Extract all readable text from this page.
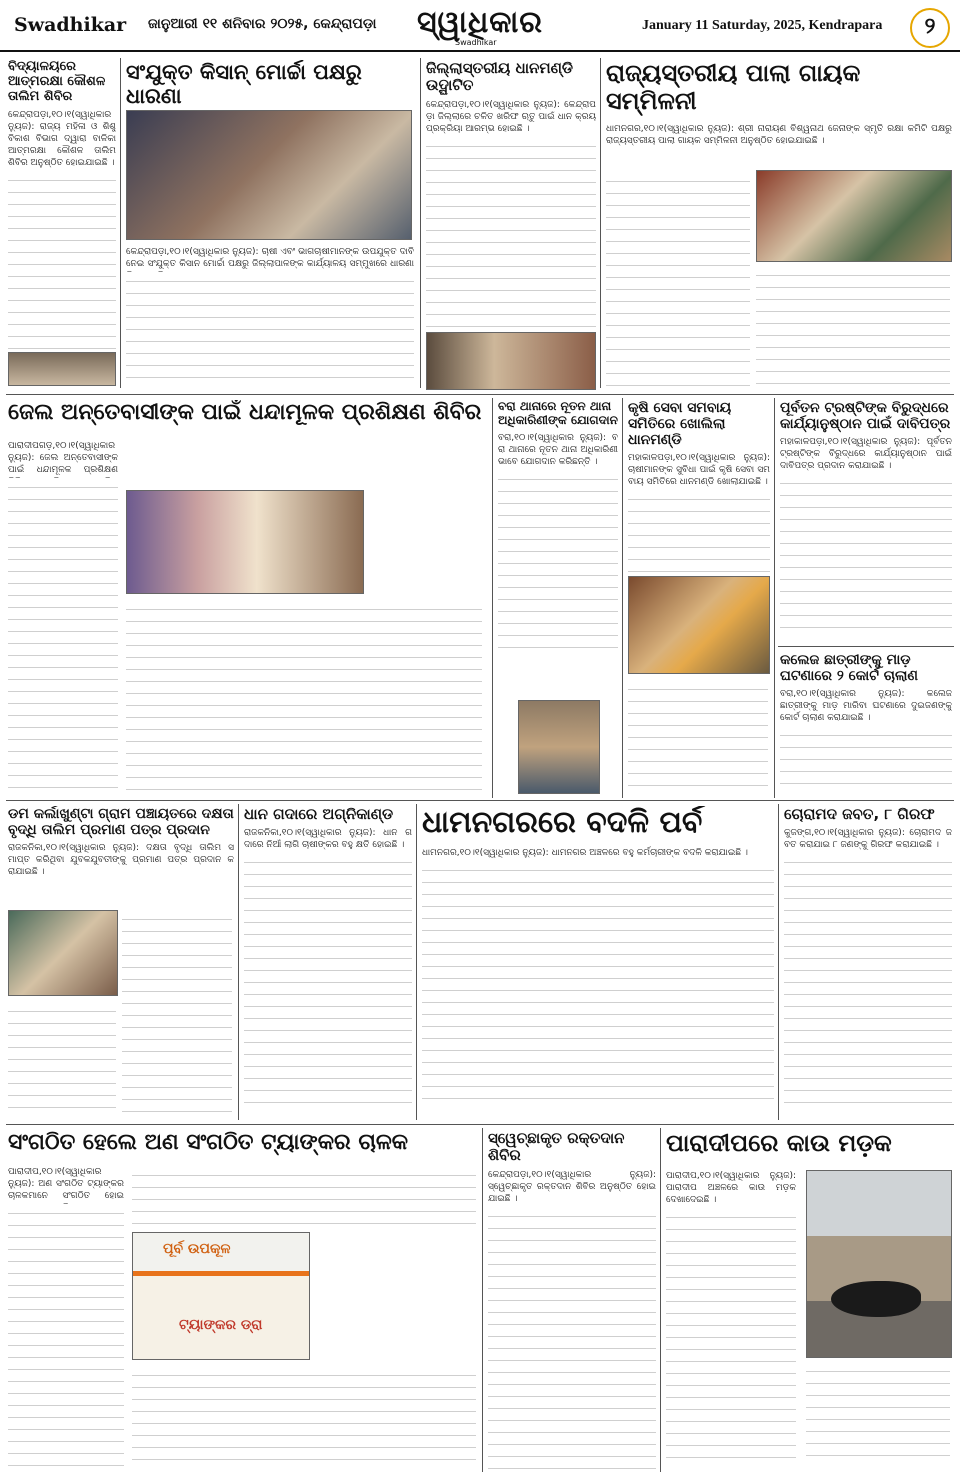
Swadhikar ଜାନୁଆରୀ ୧୧ ଶନିବାର ୨୦୨୫, କେନ୍ଦ୍ରାପଡ଼ା	ସ୍ୱାଧିକାର
Swadhikar
January 11 Saturday, 2025, Kendrapara	୨
ବିଦ୍ୟାଳୟରେ ଆତ୍ମରକ୍ଷା କୌଶଳ ତାଲିମ ଶିବିର
କେନ୍ଦ୍ରାପଡ଼ା,୧୦।୧(ସ୍ୱାଧିକାର ନ୍ୟୁଜ): ରାଜ୍ୟ ମହିଳା ଓ ଶିଶୁ ବିକାଶ ବିଭାଗ ଦ୍ୱାରା ବାଳିକା ଆତ୍ମରକ୍ଷା କୌଶଳ ତାଲିମ ଶିବିର ଅନୁଷ୍ଠିତ ହୋଇଯାଇଛି ।
ସଂଯୁକ୍ତ କିସାନ୍ ମୋର୍ଚ୍ଚା ପକ୍ଷରୁ ଧାରଣା
କେନ୍ଦ୍ରାପଡ଼ା,୧୦।୧(ସ୍ୱାଧିକାର ନ୍ୟୁଜ): ଚାଷୀ ଏବଂ ଭାଗଚାଷୀମାନଙ୍କ ଉପଯୁକ୍ତ ଦାବି ନେଇ ସଂଯୁକ୍ତ କିସାନ ମୋର୍ଚ୍ଚା ପକ୍ଷରୁ ଜିଲ୍ଲାପାଳଙ୍କ କାର୍ଯ୍ୟାଳୟ ସମ୍ମୁଖରେ ଧାରଣା
ଜିଲ୍ଲାସ୍ତରୀୟ ଧାନମଣ୍ଡି ଉଦ୍ଘାଟିତ
କେନ୍ଦ୍ରାପଡ଼ା,୧୦।୧(ସ୍ୱାଧିକାର ନ୍ୟୁଜ): କେନ୍ଦ୍ରାପଡ଼ା ଜିଲ୍ଲାରେ ଚଳିତ ଖରିଫ ଋତୁ ପାଇଁ ଧାନ କ୍ରୟ ପ୍ରକ୍ରିୟା ଆରମ୍ଭ ହୋଇଛି ।
ରାଜ୍ୟସ୍ତରୀୟ ପାଲା ଗାୟକ ସମ୍ମିଳନୀ
ଧାମନଗର,୧୦।୧(ସ୍ୱାଧିକାର ନ୍ୟୁଜ): ଶ୍ରୀ ନାରାୟଣ ବିଶ୍ୱନାଥ ଜେନାଙ୍କ ସ୍ମୃତି ରକ୍ଷା କମିଟି ପକ୍ଷରୁ ରାଜ୍ୟସ୍ତରୀୟ ପାଲା ଗାୟକ ସମ୍ମିଳନୀ ଅନୁଷ୍ଠିତ ହୋଇଯାଇଛି ।
ଜେଲ ଅନ୍ତେବାସୀଙ୍କ ପାଇଁ ଧନ୍ଦାମୂଳକ ପ୍ରଶିକ୍ଷଣ ଶିବିର
ପାରାଦୀପଗଡ଼,୧୦।୧(ସ୍ୱାଧିକାର ନ୍ୟୁଜ): ଜେଲ ଅନ୍ତେବାସୀଙ୍କ ପାଇଁ ଧନ୍ଦାମୂଳକ ପ୍ରଶିକ୍ଷଣ
ବରା ଥାନାରେ ନୂତନ ଥାନା ଅଧିକାରିଣୀଙ୍କ ଯୋଗଦାନ
ବରା,୧୦।୧(ସ୍ୱାଧିକାର ନ୍ୟୁଜ): ବରା ଥାନାରେ ନୂତନ ଥାନା ଅଧିକାରିଣୀ ଭାବେ ଯୋଗଦାନ କରିଛନ୍ତି ।
କୃଷି ସେବା ସମବାୟ ସମିତିରେ ଖୋଲିଲା ଧାନମଣ୍ଡି
ମହାକାଳପଡ଼ା,୧୦।୧(ସ୍ୱାଧିକାର ନ୍ୟୁଜ): ଚାଷୀମାନଙ୍କ ସୁବିଧା ପାଇଁ କୃଷି ସେବା ସମବାୟ ସମିତିରେ ଧାନମଣ୍ଡି ଖୋଲାଯାଇଛି ।
ପୂର୍ବତନ ଟ୍ରଷ୍ଟିଙ୍କ ବିରୁଦ୍ଧରେ କାର୍ଯ୍ୟାନୁଷ୍ଠାନ ପାଇଁ ଦାବିପତ୍ର
ମହାକାଳପଡ଼ା,୧୦।୧(ସ୍ୱାଧିକାର ନ୍ୟୁଜ): ପୂର୍ବତନ ଟ୍ରଷ୍ଟିଙ୍କ ବିରୁଦ୍ଧରେ କାର୍ଯ୍ୟାନୁଷ୍ଠାନ ପାଇଁ ଦାବିପତ୍ର ପ୍ରଦାନ କରାଯାଇଛି ।
କଲେଜ ଛାତ୍ରୀଙ୍କୁ ମାଡ଼ ଘଟଣାରେ ୨ କୋର୍ଟ ଚାଲାଣ
ବରା,୧୦।୧(ସ୍ୱାଧିକାର ନ୍ୟୁଜ): କଲେଜ ଛାତ୍ରୀଙ୍କୁ ମାଡ଼ ମାରିବା ଘଟଣାରେ ଦୁଇଜଣଙ୍କୁ କୋର୍ଟ ଚାଲାଣ କରାଯାଇଛି ।
ଡମ କର୍ଲାଖୁଣ୍ଟା ଗ୍ରାମ ପଞ୍ଚାୟତରେ ଦକ୍ଷତା ବୃଦ୍ଧି ତାଲିମ ପ୍ରମାଣ ପତ୍ର ପ୍ରଦାନ
ରାଜକନିକା,୧୦।୧(ସ୍ୱାଧିକାର ନ୍ୟୁଜ): ଦକ୍ଷତା ବୃଦ୍ଧି ତାଲିମ ସମାପ୍ତ କରିଥିବା ଯୁବକଯୁବତୀଙ୍କୁ ପ୍ରମାଣ ପତ୍ର ପ୍ରଦାନ କରାଯାଇଛି ।
ଧାନ ଗଦାରେ ଅଗ୍ନିକାଣ୍ଡ
ରାଜକନିକା,୧୦।୧(ସ୍ୱାଧିକାର ନ୍ୟୁଜ): ଧାନ ଗଦାରେ ନିଆଁ ଲାଗି ଚାଷୀଙ୍କର ବହୁ କ୍ଷତି ହୋଇଛି ।
ଧାମନଗରରେ ବଦଳି ପର୍ବ
ଧାମନଗର,୧୦।୧(ସ୍ୱାଧିକାର ନ୍ୟୁଜ): ଧାମନଗର ଅଞ୍ଚଳରେ ବହୁ କର୍ମଚାରୀଙ୍କ ବଦଳି କରାଯାଇଛି ।
ଚୋରାମଦ ଜବତ, ୮ ଗିରଫ
କୁଜଙ୍ଗ,୧୦।୧(ସ୍ୱାଧିକାର ନ୍ୟୁଜ): ଚୋରାମଦ ଜବତ କରାଯାଇ ୮ ଜଣଙ୍କୁ ଗିରଫ କରାଯାଇଛି ।
ସଂଗଠିତ ହେଲେ ଅଣ ସଂଗଠିତ ଟ୍ୟାଙ୍କର ଚାଳକ
ପାରାଦୀପ,୧୦।୧(ସ୍ୱାଧିକାର ନ୍ୟୁଜ): ଅଣ ସଂଗଠିତ ଟ୍ୟାଙ୍କର ଚାଳକମାନେ ସଂଗଠିତ ହୋଇ
ପୂର୍ବ ଉପକୂଳ
ଟ୍ୟାଙ୍କର ଡ୍ରା
ସ୍ୱେଚ୍ଛାକୃତ ରକ୍ତଦାନ ଶିବିର
କେନ୍ଦ୍ରାପଡ଼ା,୧୦।୧(ସ୍ୱାଧିକାର ନ୍ୟୁଜ): ସ୍ୱେଚ୍ଛାକୃତ ରକ୍ତଦାନ ଶିବିର ଅନୁଷ୍ଠିତ ହୋଇଯାଇଛି ।
ପାରାଦୀପରେ କାଉ ମଡ଼କ
ପାରାଦୀପ,୧୦।୧(ସ୍ୱାଧିକାର ନ୍ୟୁଜ): ପାରାଦୀପ ଅଞ୍ଚଳରେ କାଉ ମଡ଼କ ଦେଖାଦେଇଛି ।
